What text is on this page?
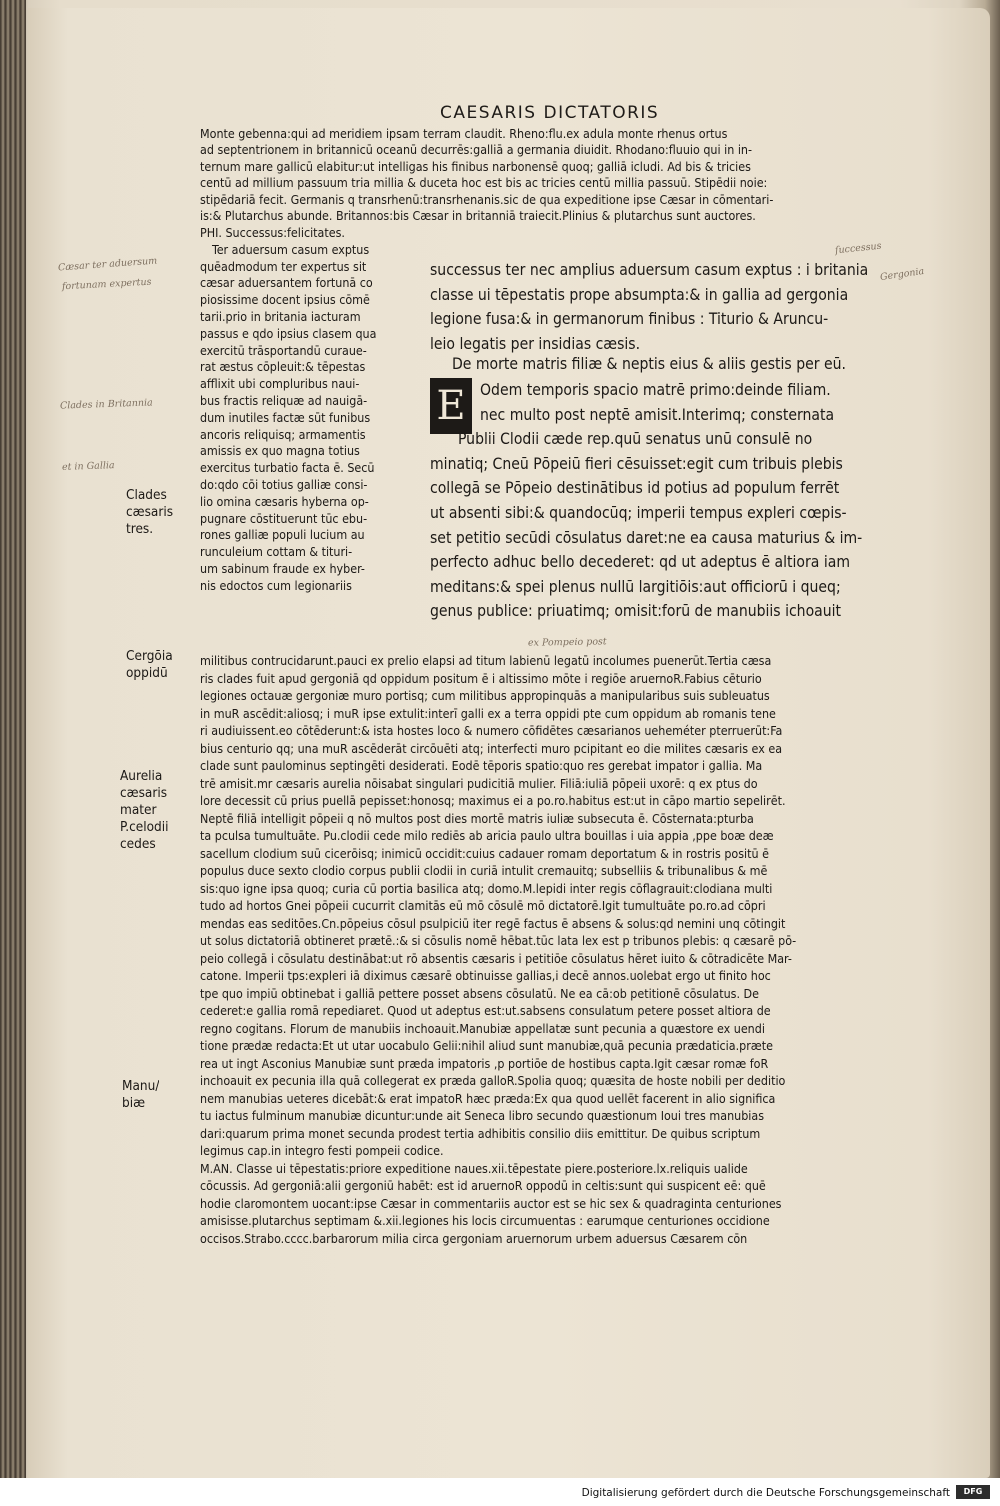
CAESARIS DICTATORIS
Monte gebenna:qui ad meridiem ipsam terram claudit. Rheno:flu.ex adula monte rhenus ortus
ad septentrionem in britannicū oceanū decurrēs:galliā a germania diuidit. Rhodano:fluuio qui in in-
ternum mare gallicū elabitur:ut intelligas his finibus narbonensē quoq; galliā icludi. Ad bis & tricies
centū ad millium passuum tria millia & duceta hoc est bis ac tricies centū millia passuū. Stipēdii noie:
stipēdariā fecit. Germanis q transrhenū:transrhenanis.sic de qua expeditione ipse Cæsar in cōmentari-
is:& Plutarchus abunde. Britannos:bis Cæsar in britanniā traiecit.Plinius & plutarchus sunt auctores.
PHI. Successus:felicitates.
Ter aduersum casum exptus
quēadmodum ter expertus sit
cæsar aduersantem fortunā co
piosissime docent ipsius cōmē
tarii.prio in britania iacturam
passus e qdo ipsius clasem qua
exercitū trāsportandū curaue-
rat æstus cōpleuit:& tēpestas
afflixit ubi compluribus naui-
bus fractis reliquæ ad nauigā-
dum inutiles factæ sūt funibus
ancoris reliquisq; armamentis
amissis ex quo magna totius
exercitus turbatio facta ē. Secū
do:qdo cōi totius galliæ consi-
lio omina cæsaris hyberna op-
pugnare cōstituerunt tūc ebu-
rones galliæ populi lucium au
runculeium cottam & tituri-
um sabinum fraude ex hyber-
nis edoctos cum legionariis
successus ter nec amplius aduersum casum exptus : i britania
classe ui tēpestatis prope absumpta:& in gallia ad gergonia
legione fusa:& in germanorum finibus : Titurio & Aruncu-
leio legatis per insidias cæsis.
De morte matris filiæ & neptis eius & aliis gestis per eū.
E Odem temporis spacio matrē primo:deinde filiam.
nec multo post neptē amisit.Interimq; consternata
Publii Clodii cæde rep.quū senatus unū consulē no
minatiq; Cneū Pōpeiū fieri cēsuisset:egit cum tribuis plebis
collegā se Pōpeio destinātibus id potius ad populum ferrēt
ut absenti sibi:& quandocūq; imperii tempus expleri cœpis-
set petitio secūdi cōsulatus daret:ne ea causa maturius & im-
perfecto adhuc bello decederet: qd ut adeptus ē altiora iam
meditans:& spei plenus nullū largitiōis:aut officiorū i queq;
genus publice: priuatimq; omisit:forū de manubiis ichoauit
militibus contrucidarunt.pauci ex prelio elapsi ad titum labienū legatū incolumes puenerūt.Tertia cæsa
ris clades fuit apud gergoniā qd oppidum positum ē i altissimo mōte i regiōe aruernoR.Fabius cēturio
legiones octauæ gergoniæ muro portisq; cum militibus appropinquās a manipularibus suis subleuatus
in muR ascēdit:aliosq; i muR ipse extulit:interī galli ex a terra oppidi pte cum oppidum ab romanis tene
ri audiuissent.eo cōtēderunt:& ista hostes loco & numero cōfidētes cæsarianos ueheméter pterruerūt:Fa
bius centurio qq; una muR ascēderāt circōuēti atq; interfecti muro pcipitant eo die milites cæsaris ex ea
clade sunt paulominus septingēti desiderati. Eodē tēporis spatio:quo res gerebat impator i gallia. Ma
trē amisit.mr cæsaris aurelia nōisabat singulari pudicitiā mulier. Filiā:iuliā pōpeii uxorē: q ex ptus do
lore decessit cū prius puellā pepisset:honosq; maximus ei a po.ro.habitus est:ut in cāpo martio sepelirēt.
Neptē filiā intelligit pōpeii q nō multos post dies mortē matris iuliæ subsecuta ē. Cōsternata:pturba
ta pculsa tumultuāte. Pu.clodii cede milo rediēs ab aricia paulo ultra bouillas i uia appia ,ppe boæ deæ
sacellum clodium suū cicerōisq; inimicū occidit:cuius cadauer romam deportatum & in rostris positū ē
populus duce sexto clodio corpus publii clodii in curiā intulit cremauitq; subselliis & tribunalibus & mē
sis:quo igne ipsa quoq; curia cū portia basilica atq; domo.M.lepidi inter regis cōflagrauit:clodiana multi
tudo ad hortos Gnei pōpeii cucurrit clamitās eū mō cōsulē mō dictatorē.Igit tumultuāte po.ro.ad cōpri
mendas eas seditōes.Cn.pōpeius cōsul psulpiciū iter regē factus ē absens & solus:qd nemini unq cōtingit
ut solus dictatoriā obtineret prætē.:& si cōsulis nomē hēbat.tūc lata lex est p tribunos plebis: q cæsarē pō-
peio collegā i cōsulatu destinābat:ut rō absentis cæsaris i petitiōe cōsulatus hēret iuito & cōtradicēte Mar-
catone. Imperii tps:expleri iā diximus cæsarē obtinuisse gallias,i decē annos.uolebat ergo ut finito hoc
tpe quo impiū obtinebat i galliā pettere posset absens cōsulatū. Ne ea cā:ob petitionē cōsulatus. De
cederet:e gallia romā repediaret. Quod ut adeptus est:ut.sabsens consulatum petere posset altiora de
regno cogitans. Florum de manubiis inchoauit.Manubiæ appellatæ sunt pecunia a quæstore ex uendi
tione prædæ redacta:Et ut utar uocabulo Gelii:nihil aliud sunt manubiæ,quā pecunia prædaticia.præte
rea ut ingt Asconius Manubiæ sunt præda impatoris ,p portiōe de hostibus capta.Igit cæsar romæ foR
inchoauit ex pecunia illa quā collegerat ex præda galloR.Spolia quoq; quæsita de hoste nobili per deditio
nem manubias ueteres dicebāt:& erat impatoR hæc præda:Ex qua quod uellēt facerent in alio significa
tu iactus fulminum manubiæ dicuntur:unde ait Seneca libro secundo quæstionum Ioui tres manubias
dari:quarum prima monet secunda prodest tertia adhibitis consilio diis emittitur. De quibus scriptum
legimus cap.in integro festi pompeii codice.
M.AN. Classe ui tēpestatis:priore expeditione naues.xii.tēpestate piere.posteriore.lx.reliquis ualide
cōcussis. Ad gergoniā:alii gergoniū habēt: est id aruernoR oppodū in celtis:sunt qui suspicent eē: quē
hodie claromontem uocant:ipse Cæsar in commentariis auctor est se hic sex & quadraginta centuriones
amisisse.plutarchus septimam &.xii.legiones his locis circumuentas : earumque centuriones occidione
occisos.Strabo.cccc.barbarorum milia circa gergoniam aruernorum urbem aduersus Cæsarem cōn
Clades
cæsaris
tres.
Cergōia
oppidū
Aurelia
cæsaris
mater
P.celodii
cedes
Manu/
biæ
Cæsar ter aduersum
fortunam expertus
Clades in Britannia
et in Gallia
ex Pompeio post
ſuccessus
Gergonia
Digitalisierung gefördert durch die Deutsche Forschungsgemeinschaft	DFG
